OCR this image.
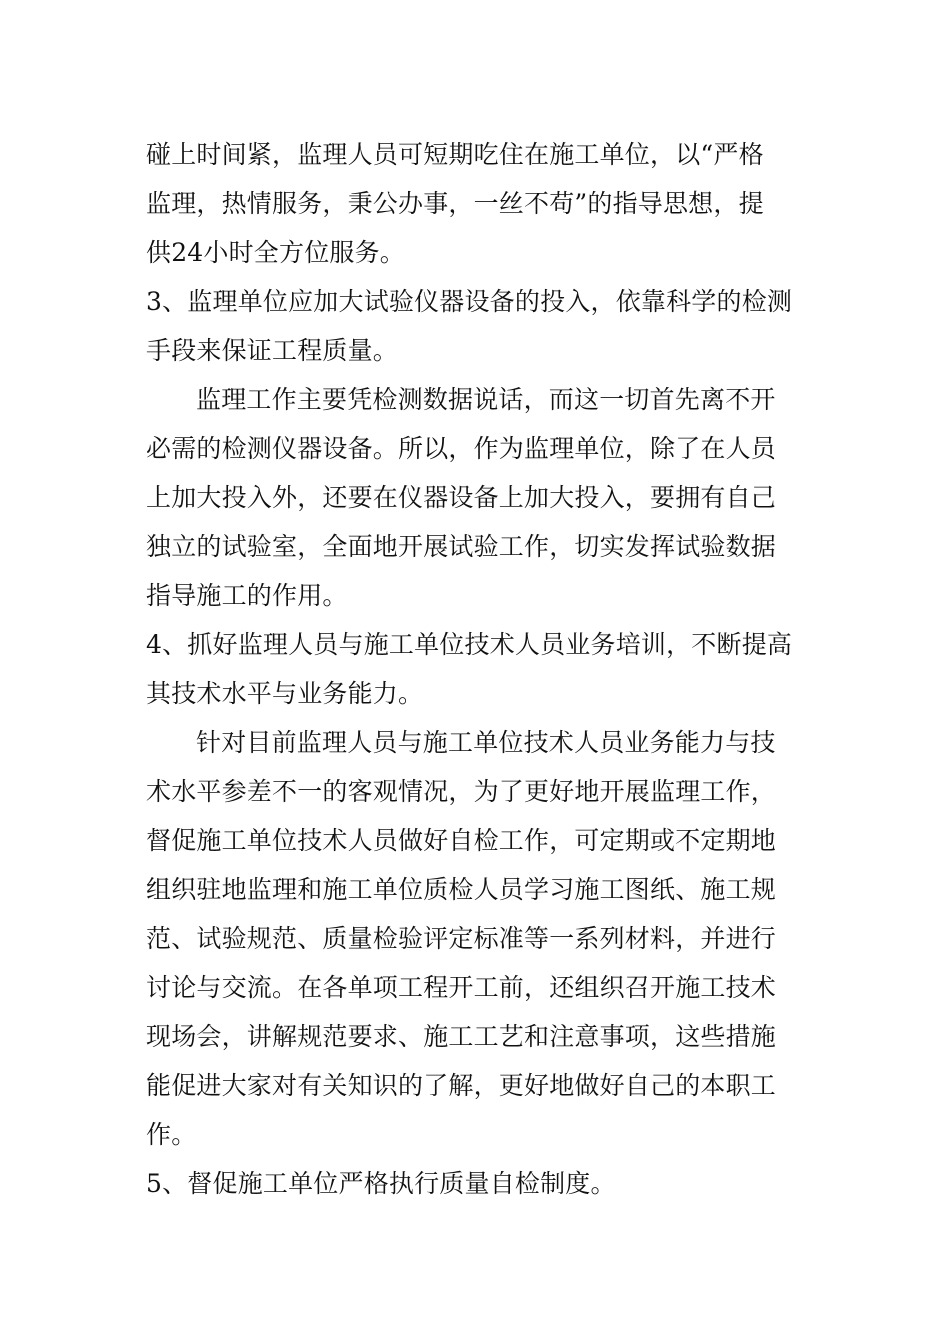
碰上时间紧，监理人员可短期吃住在施工单位，以“严格
监理，热情服务，秉公办事，一丝不苟”的指导思想，提
供24小时全方位服务。
3、监理单位应加大试验仪器设备的投入，依靠科学的检测
手段来保证工程质量。
监理工作主要凭检测数据说话，而这一切首先离不开
必需的检测仪器设备。所以，作为监理单位，除了在人员
上加大投入外，还要在仪器设备上加大投入，要拥有自己
独立的试验室，全面地开展试验工作，切实发挥试验数据
指导施工的作用。
4、抓好监理人员与施工单位技术人员业务培训，不断提高
其技术水平与业务能力。
针对目前监理人员与施工单位技术人员业务能力与技
术水平参差不一的客观情况，为了更好地开展监理工作，
督促施工单位技术人员做好自检工作，可定期或不定期地
组织驻地监理和施工单位质检人员学习施工图纸、施工规
范、试验规范、质量检验评定标准等一系列材料，并进行
讨论与交流。在各单项工程开工前，还组织召开施工技术
现场会，讲解规范要求、施工工艺和注意事项，这些措施
能促进大家对有关知识的了解，更好地做好自己的本职工
作。
5、督促施工单位严格执行质量自检制度。
